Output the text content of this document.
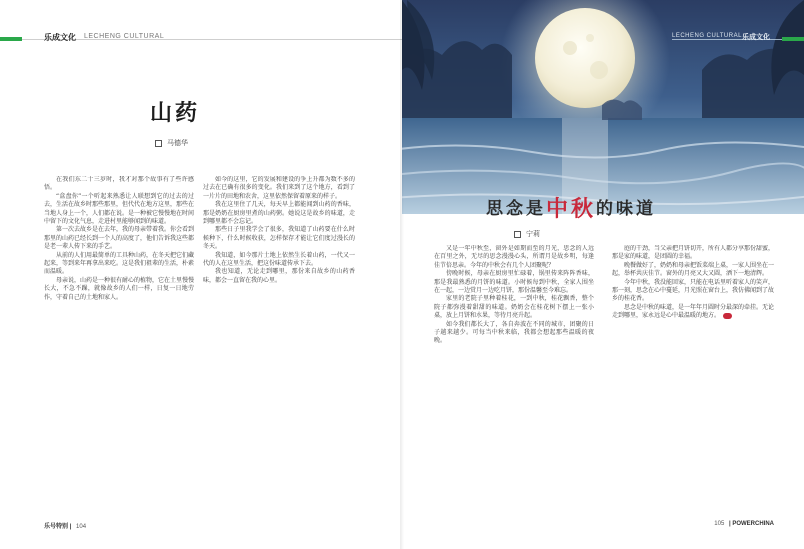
乐成文化 LECHENG CULTURAL
山药
马德华

在我们东二十三岁时，我才对那个故事有了些许感悟。

“盒盘你”一个听起来熟悉让人联想到它的过去的过去，生活在故乡时那些那里，但代代在地方这里，那些在当地人身上一个，人们都在说。是一种被它慢慢地在时间中留下的文化气息，走进村里能够闻到的味道。

第一次去故乡是在去年，我的母亲带着我。你会看到那里的山药已经长到一个人的高度了，他们告诉我这些都是老一辈人传下来的手艺。

从前的人们用最简单的工具种山药，在冬天把它们藏起来，等到来年再拿出来吃。这是我们祖辈的生活，朴素而温暖。

母亲说，山药是一种很有耐心的植物，它在土里慢慢长大，不急不躁，就像故乡的人们一样，日复一日地劳作，守着自己的土地和家人。

如今的这里，它的发展和建设的争上升都为数不多的过去在已确有很多的变化。我们来到了这个地方，看到了一片片的田地和农舍，这里依然保留着原来的样子。

我在这里住了几天，每天早上都能闻到山药的香味，那是奶奶在厨房里煮的山药粥。她说这是故乡的味道，走到哪里都不会忘记。

那些日子里我学会了很多，我知道了山药要在什么时候种下，什么时候收获，怎样保存才能让它们度过漫长的冬天。

我知道，如今那片土地上依然生长着山药，一代又一代的人在这里生活，把这份味道传承下去。

我也知道，无论走到哪里，那份来自故乡的山药香味，都会一直留在我的心里。

乐号特别 | 104
LECHENG CULTURAL 乐成文化
思念是中秋的味道
宁莉

又是一年中秋至，窗外是如期而至的月光，思念的人远在百里之外，无尽的思念漫漫心头，所谓月是故乡明，每逢佳节倍思亲。今年的中秋会有几个人团聚呢？

傍晚时候，母亲在厨房里忙碌着，锅里传来阵阵香味，那是我最熟悉的月饼的味道。小时候每到中秋，全家人围坐在一起，一边赏月一边吃月饼，那份温馨至今难忘。

家里的老院子里种着桂花，一到中秋，桂花飘香，整个院子都弥漫着甜甜的味道。奶奶会在桂花树下摆上一张小桌，放上月饼和水果，等待月亮升起。

如今我们都长大了，各自奔波在不同的城市，团聚的日子越来越少。可每当中秋来临，我都会想起那些温暖的夜晚。

庭的干劲，当父亲把月饼切开，所有人都分享那份甜蜜，那是家的味道，是团圆的幸福。

晚餐做好了，奶奶和母亲把饭菜端上桌，一家人围坐在一起，举杯共庆佳节。窗外的月亮又大又圆，洒下一地清辉。

今年中秋，我没能回家，只能在电话里听着家人的笑声，那一刻，思念在心中蔓延，月光照在窗台上，我仿佛闻到了故乡的桂花香。

思念是中秋的味道，是一年年月圆时分最深的牵挂。无论走到哪里，家永远是心中最温暖的地方。

105 | POWERCHINA
